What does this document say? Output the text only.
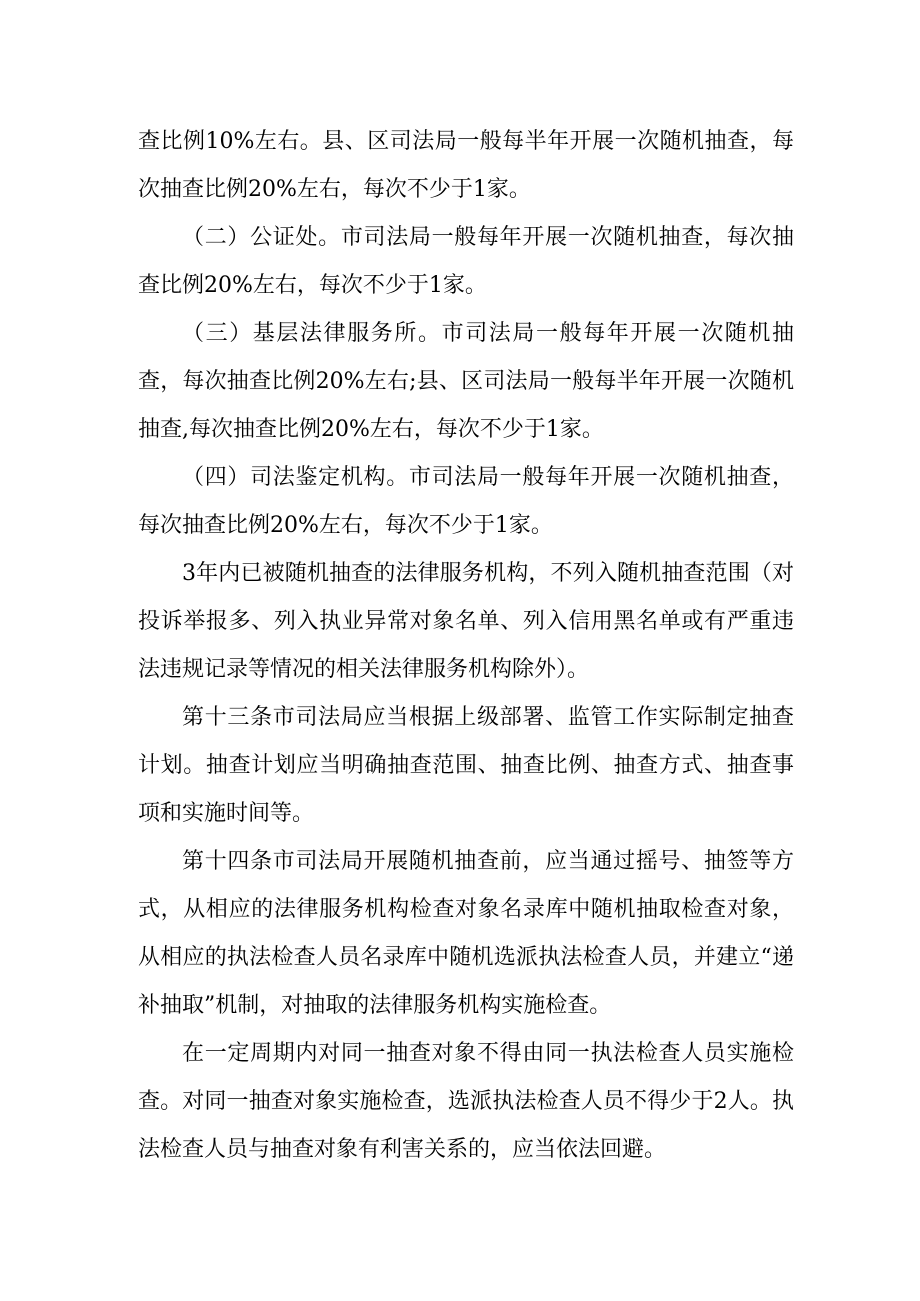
查比例10%左右。县、区司法局一般每半年开展一次随机抽查，每次抽查比例20%左右，每次不少于1家。

（二）公证处。市司法局一般每年开展一次随机抽查，每次抽查比例20%左右，每次不少于1家。

（三）基层法律服务所。市司法局一般每年开展一次随机抽查，每次抽查比例20%左右;县、区司法局一般每半年开展一次随机抽查,每次抽查比例20%左右，每次不少于1家。

（四）司法鉴定机构。市司法局一般每年开展一次随机抽查，每次抽查比例20%左右，每次不少于1家。

3年内已被随机抽查的法律服务机构，不列入随机抽查范围（对投诉举报多、列入执业异常对象名单、列入信用黑名单或有严重违法违规记录等情况的相关法律服务机构除外）。

第十三条市司法局应当根据上级部署、监管工作实际制定抽查计划。抽查计划应当明确抽查范围、抽查比例、抽查方式、抽查事项和实施时间等。

第十四条市司法局开展随机抽查前，应当通过摇号、抽签等方式，从相应的法律服务机构检查对象名录库中随机抽取检查对象，从相应的执法检查人员名录库中随机选派执法检查人员，并建立“递补抽取”机制，对抽取的法律服务机构实施检查。

在一定周期内对同一抽查对象不得由同一执法检查人员实施检查。对同一抽查对象实施检查，选派执法检查人员不得少于2人。执法检查人员与抽查对象有利害关系的，应当依法回避。
